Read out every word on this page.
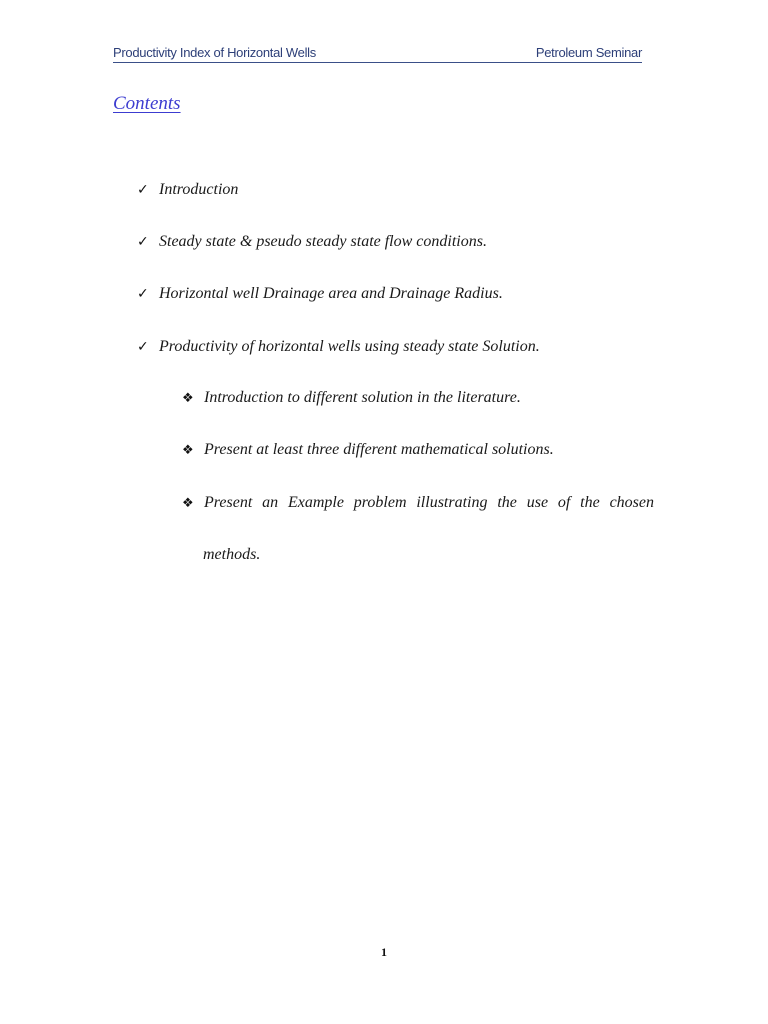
Productivity Index of Horizontal Wells	Petroleum Seminar
Contents
✓ Introduction
✓ Steady state & pseudo steady state flow conditions.
✓ Horizontal well Drainage area and Drainage Radius.
✓ Productivity of horizontal wells using steady state Solution.
❖ Introduction to different solution in the literature.
❖ Present at least three different mathematical solutions.
❖ Present an Example problem illustrating the use of the chosen
methods.
1
